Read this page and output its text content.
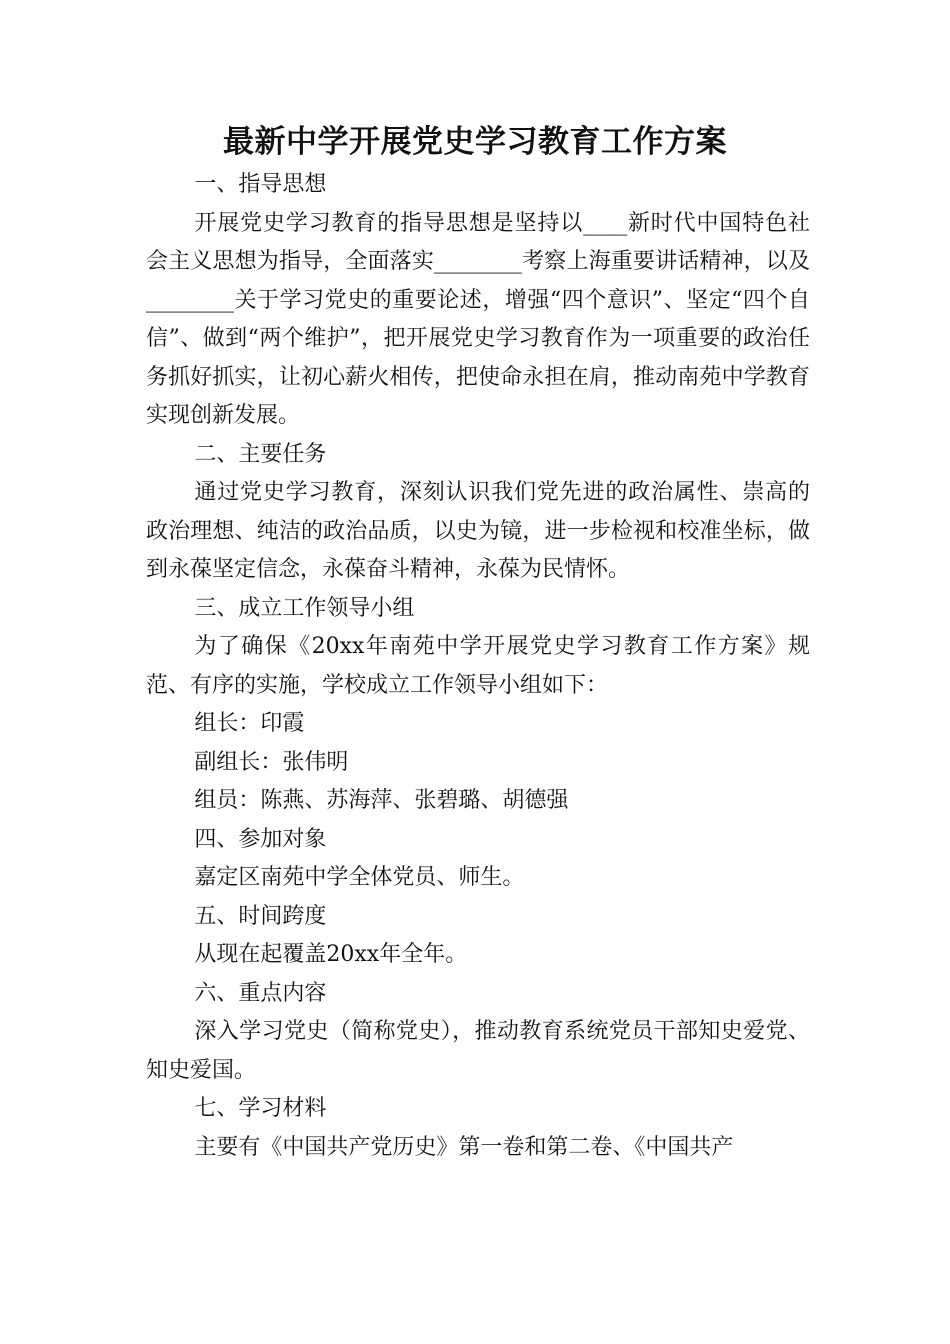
最新中学开展党史学习教育工作方案

一、指导思想

开展党史学习教育的指导思想是坚持以____新时代中国特色社会主义思想为指导，全面落实________考察上海重要讲话精神，以及________关于学习党史的重要论述，增强“四个意识”、坚定“四个自信”、做到“两个维护”，把开展党史学习教育作为一项重要的政治任务抓好抓实，让初心薪火相传，把使命永担在肩，推动南苑中学教育实现创新发展。

二、主要任务

通过党史学习教育，深刻认识我们党先进的政治属性、崇高的政治理想、纯洁的政治品质，以史为镜，进一步检视和校准坐标，做到永葆坚定信念，永葆奋斗精神，永葆为民情怀。

三、成立工作领导小组

为了确保《20xx年南苑中学开展党史学习教育工作方案》规范、有序的实施，学校成立工作领导小组如下：

组长：印霞

副组长：张伟明

组员：陈燕、苏海萍、张碧璐、胡德强

四、参加对象

嘉定区南苑中学全体党员、师生。

五、时间跨度

从现在起覆盖20xx年全年。

六、重点内容

深入学习党史（简称党史），推动教育系统党员干部知史爱党、知史爱国。

七、学习材料

主要有《中国共产党历史》第一卷和第二卷、《中国共产
